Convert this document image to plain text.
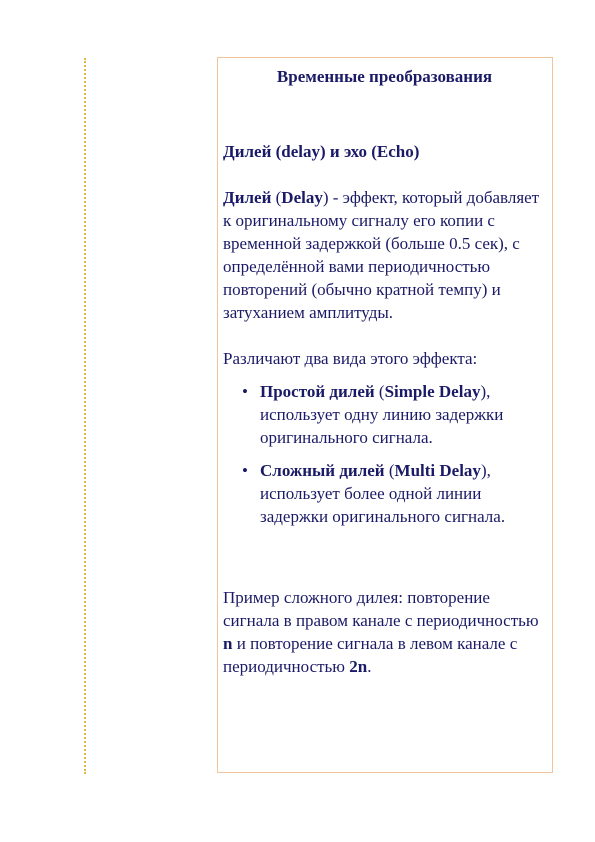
Временные преобразования
Дилей (delay) и эхо (Echo)
Дилей (Delay) - эффект, который добавляет к оригинальному сигналу его копии с временной задержкой (больше 0.5 сек), с определённой вами периодичностью повторений (обычно кратной темпу) и затуханием амплитуды.
Различают два вида этого эффекта:
• Простой дилей (Simple Delay), использует одну линию задержки оригинального сигнала.
• Сложный дилей (Multi Delay), использует более одной линии задержки оригинального сигнала.
Пример сложного дилея: повторение сигнала в правом канале с периодичностью n и повторение сигнала в левом канале с периодичностью 2n.
